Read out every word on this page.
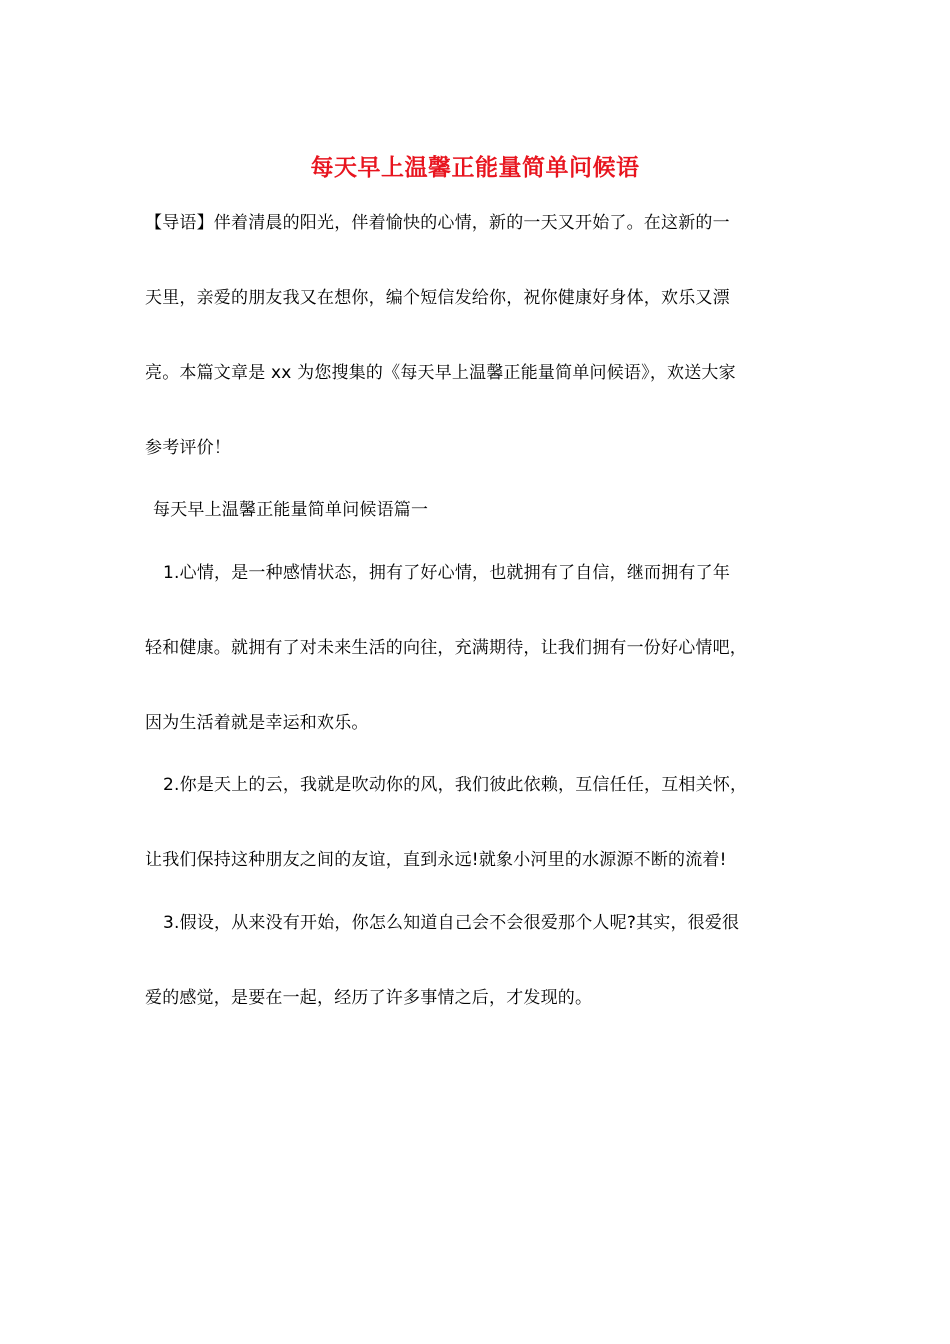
每天早上温馨正能量简单问候语
【导语】伴着清晨的阳光，伴着愉快的心情，新的一天又开始了。在这新的一
天里，亲爱的朋友我又在想你，编个短信发给你，祝你健康好身体，欢乐又漂
亮。本篇文章是 xx 为您搜集的《每天早上温馨正能量简单问候语》，欢送大家
参考评价！
每天早上温馨正能量简单问候语篇一
1.心情，是一种感情状态，拥有了好心情，也就拥有了自信，继而拥有了年
轻和健康。就拥有了对未来生活的向往，充满期待，让我们拥有一份好心情吧，
因为生活着就是幸运和欢乐。
2.你是天上的云，我就是吹动你的风，我们彼此依赖，互信任任，互相关怀，
让我们保持这种朋友之间的友谊，直到永远!就象小河里的水源源不断的流着!
3.假设，从来没有开始，你怎么知道自己会不会很爱那个人呢?其实，很爱很
爱的感觉，是要在一起，经历了许多事情之后，才发现的。
